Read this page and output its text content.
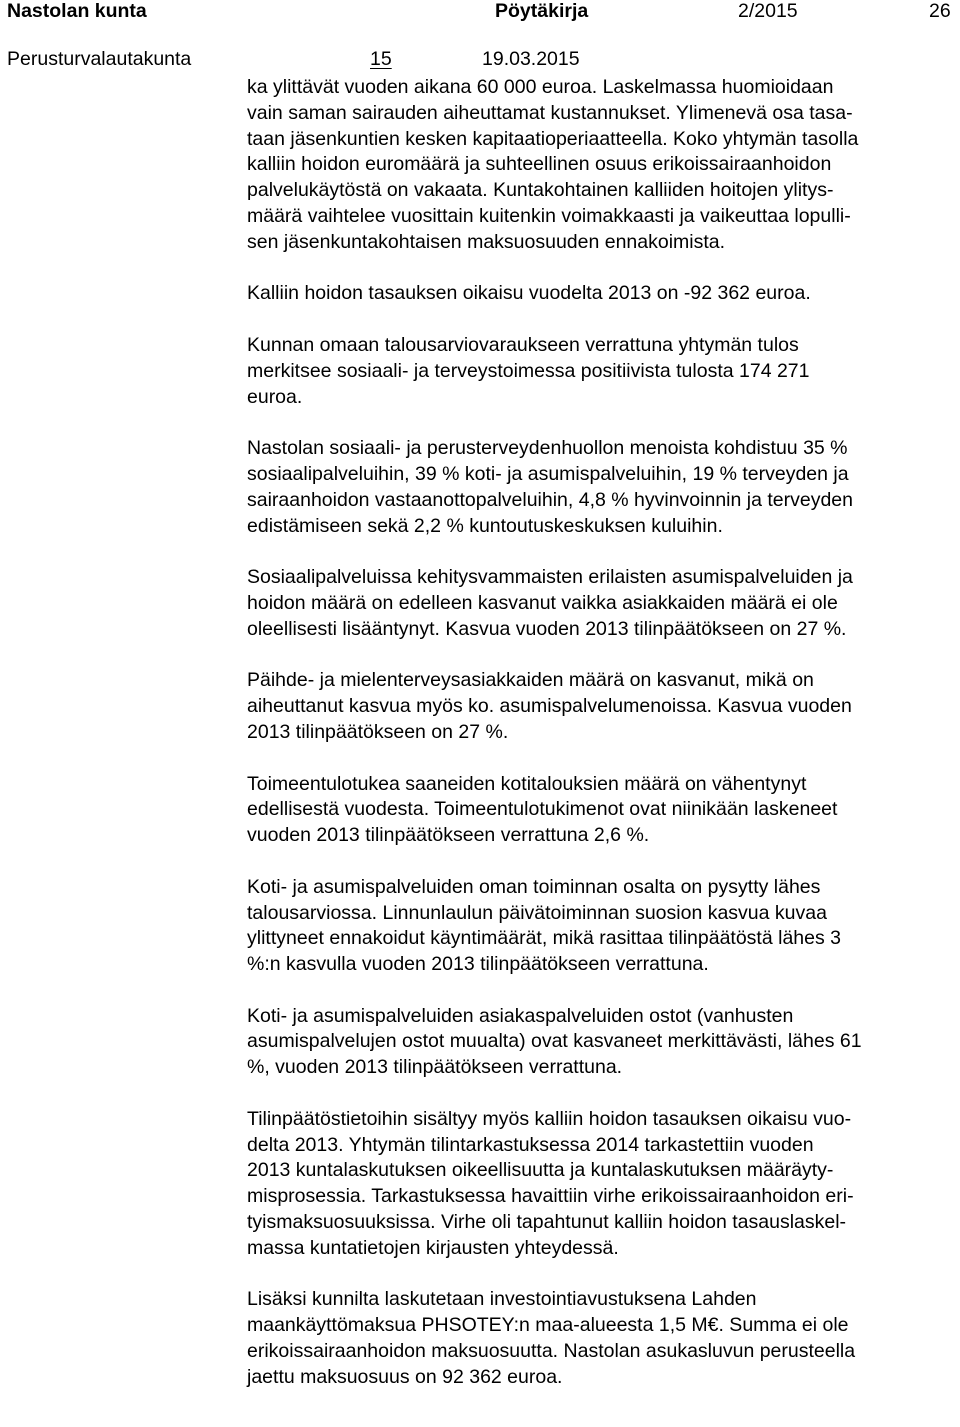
Nastolan kunta	Pöytäkirja	2/2015	26
Perusturvalautakunta	15	19.03.2015
ka ylittävät vuoden aikana 60 000 euroa. Laskelmassa huomioidaan
vain saman sairauden aiheuttamat kustannukset. Ylimenevä osa tasa-
taan jäsenkuntien kesken kapitaatioperiaatteella. Koko yhtymän tasolla
kalliin hoidon euromäärä ja suhteellinen osuus erikoissairaanhoidon
palvelukäytöstä on vakaata. Kuntakohtainen kalliiden hoitojen ylitys-
määrä vaihtelee vuosittain kuitenkin voimakkaasti ja vaikeuttaa lopulli-
sen jäsenkuntakohtaisen maksuosuuden ennakoimista.
Kalliin hoidon tasauksen oikaisu vuodelta 2013 on -92 362 euroa.
Kunnan omaan talousarviovaraukseen verrattuna yhtymän tulos
merkitsee sosiaali- ja terveystoimessa positiivista tulosta 174 271
euroa.
Nastolan sosiaali- ja perusterveydenhuollon menoista kohdistuu 35 %
sosiaalipalveluihin, 39 % koti- ja asumispalveluihin, 19 % terveyden ja
sairaanhoidon vastaanottopalveluihin, 4,8 % hyvinvoinnin ja terveyden
edistämiseen sekä 2,2 % kuntoutuskeskuksen kuluihin.
Sosiaalipalveluissa kehitysvammaisten erilaisten asumispalveluiden ja
hoidon määrä on edelleen kasvanut vaikka asiakkaiden määrä ei ole
oleellisesti lisääntynyt. Kasvua vuoden 2013 tilinpäätökseen on 27 %.
Päihde- ja mielenterveysasiakkaiden määrä on kasvanut, mikä on
aiheuttanut kasvua myös ko. asumispalvelumenoissa. Kasvua vuoden
2013 tilinpäätökseen on 27 %.
Toimeentulotukea saaneiden kotitalouksien määrä on vähentynyt
edellisestä vuodesta. Toimeentulotukimenot ovat niinikään laskeneet
vuoden 2013 tilinpäätökseen verrattuna 2,6 %.
Koti- ja asumispalveluiden oman toiminnan osalta on pysytty lähes
talousarviossa. Linnunlaulun päivätoiminnan suosion kasvua kuvaa
ylittyneet ennakoidut käyntimäärät, mikä rasittaa tilinpäätöstä lähes 3
%:n kasvulla vuoden 2013 tilinpäätökseen verrattuna.
Koti- ja asumispalveluiden asiakaspalveluiden ostot (vanhusten
asumispalvelujen ostot muualta) ovat kasvaneet merkittävästi, lähes 61
%, vuoden 2013 tilinpäätökseen verrattuna.
Tilinpäätöstietoihin sisältyy myös kalliin hoidon tasauksen oikaisu vuo-
delta 2013. Yhtymän tilintarkastuksessa 2014 tarkastettiin vuoden
2013 kuntalaskutuksen oikeellisuutta ja kuntalaskutuksen määräyty-
misprosessia. Tarkastuksessa havaittiin virhe erikoissairaanhoidon eri-
tyismaksuosuuksissa. Virhe oli tapahtunut kalliin hoidon tasauslaskel-
massa kuntatietojen kirjausten yhteydessä.
Lisäksi kunnilta laskutetaan investointiavustuksena Lahden
maankäyttömaksua PHSOTEY:n maa-alueesta 1,5 M€. Summa ei ole
erikoissairaanhoidon maksuosuutta. Nastolan asukasluvun perusteella
jaettu maksuosuus on 92 362 euroa.
